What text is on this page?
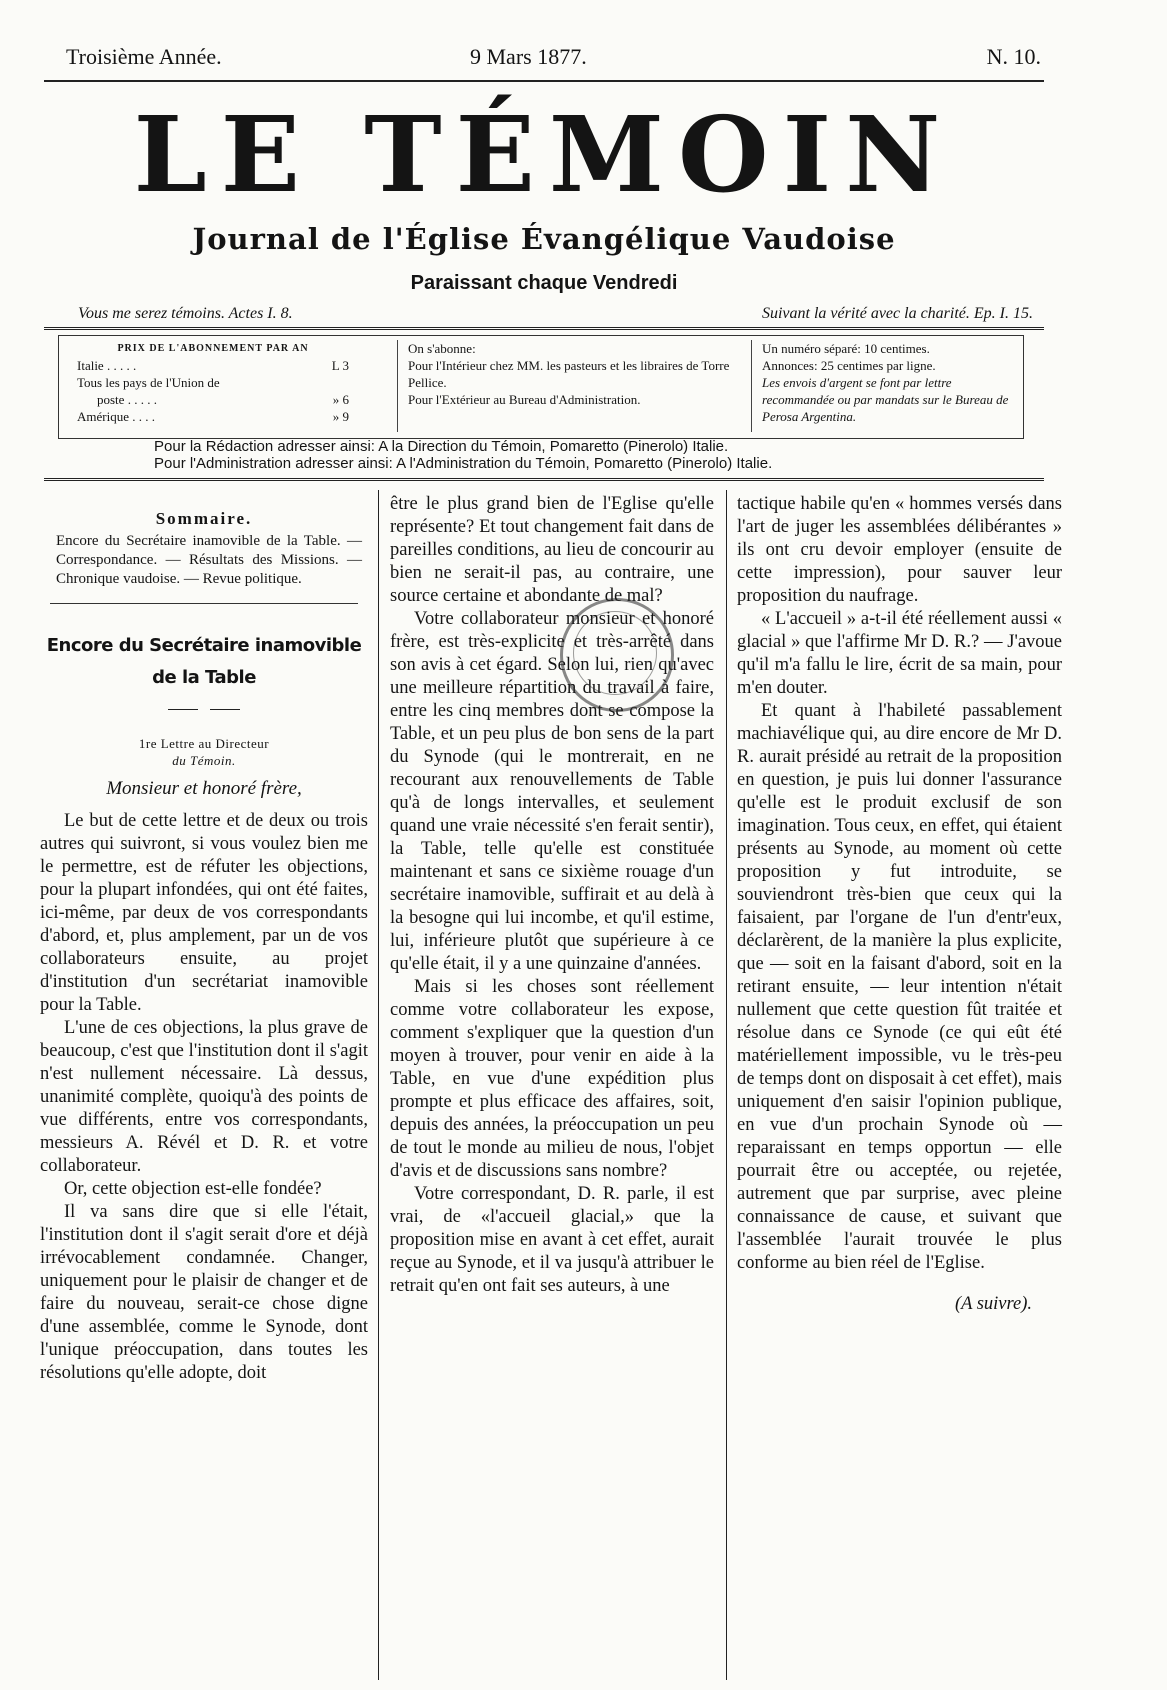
Troisième Année.	9 Mars 1877.	N. 10.
LE TÉMOIN
Journal de l'Église Évangélique Vaudoise
Paraissant chaque Vendredi
Vous me serez témoins. Actes I. 8.	Suivant la vérité avec la charité. Ep. I. 15.
PRIX DE L'ABONNEMENT PAR AN
Italie . . . . .	L 3
Tous les pays de l'Union de
poste . . . . .	» 6
Amérique . . . .	» 9
On s'abonne:
Pour l'Intérieur chez MM. les pasteurs et les libraires de Torre Pellice.
Pour l'Extérieur au Bureau d'Administration.
Un numéro séparé: 10 centimes.
Annonces: 25 centimes par ligne.
Les envois d'argent se font par lettre recommandée ou par mandats sur le Bureau de Perosa Argentina.
Pour la Rédaction adresser ainsi: A la Direction du Témoin, Pomaretto (Pinerolo) Italie.
Pour l'Administration adresser ainsi: A l'Administration du Témoin, Pomaretto (Pinerolo) Italie.
Sommaire.
Encore du Secrétaire inamovible de la Table. — Correspondance. — Résultats des Missions. — Chronique vaudoise. — Revue politique.
Encore du Secrétaire inamovible
de la Table
1re Lettre au Directeur
du Témoin.
Monsieur et honoré frère,

Le but de cette lettre et de deux ou trois autres qui suivront, si vous voulez bien me le permettre, est de réfuter les objections, pour la plupart infondées, qui ont été faites, ici-même, par deux de vos correspondants d'abord, et, plus amplement, par un de vos collaborateurs ensuite, au projet d'institution d'un secrétariat inamovible pour la Table.

L'une de ces objections, la plus grave de beaucoup, c'est que l'institution dont il s'agit n'est nullement nécessaire. Là dessus, unanimité complète, quoiqu'à des points de vue différents, entre vos correspondants, messieurs A. Révél et D. R. et votre collaborateur.

Or, cette objection est-elle fondée?

Il va sans dire que si elle l'était, l'institution dont il s'agit serait d'ore et déjà irrévocablement condamnée. Changer, uniquement pour le plaisir de changer et de faire du nouveau, serait-ce chose digne d'une assemblée, comme le Synode, dont l'unique préoccupation, dans toutes les résolutions qu'elle adopte, doit

être le plus grand bien de l'Eglise qu'elle représente? Et tout changement fait dans de pareilles conditions, au lieu de concourir au bien ne serait-il pas, au contraire, une source certaine et abondante de mal?

Votre collaborateur monsieur et honoré frère, est très-explicite et très-arrêté dans son avis à cet égard. Selon lui, rien qu'avec une meilleure répartition du travail à faire, entre les cinq membres dont se compose la Table, et un peu plus de bon sens de la part du Synode (qui le montrerait, en ne recourant aux renouvellements de Table qu'à de longs intervalles, et seulement quand une vraie nécessité s'en ferait sentir), la Table, telle qu'elle est constituée maintenant et sans ce sixième rouage d'un secrétaire inamovible, suffirait et au delà à la besogne qui lui incombe, et qu'il estime, lui, inférieure plutôt que supérieure à ce qu'elle était, il y a une quinzaine d'années.

Mais si les choses sont réellement comme votre collaborateur les expose, comment s'expliquer que la question d'un moyen à trouver, pour venir en aide à la Table, en vue d'une expédition plus prompte et plus efficace des affaires, soit, depuis des années, la préoccupation un peu de tout le monde au milieu de nous, l'objet d'avis et de discussions sans nombre?

Votre correspondant, D. R. parle, il est vrai, de «l'accueil glacial,» que la proposition mise en avant à cet effet, aurait reçue au Synode, et il va jusqu'à attribuer le retrait qu'en ont fait ses auteurs, à une

tactique habile qu'en « hommes versés dans l'art de juger les assemblées délibérantes » ils ont cru devoir employer (ensuite de cette impression), pour sauver leur proposition du naufrage.

« L'accueil » a-t-il été réellement aussi « glacial » que l'affirme Mr D. R.? — J'avoue qu'il m'a fallu le lire, écrit de sa main, pour m'en douter.

Et quant à l'habileté passablement machiavélique qui, au dire encore de Mr D. R. aurait présidé au retrait de la proposition en question, je puis lui donner l'assurance qu'elle est le produit exclusif de son imagination. Tous ceux, en effet, qui étaient présents au Synode, au moment où cette proposition y fut introduite, se souviendront très-bien que ceux qui la faisaient, par l'organe de l'un d'entr'eux, déclarèrent, de la manière la plus explicite, que — soit en la faisant d'abord, soit en la retirant ensuite, — leur intention n'était nullement que cette question fût traitée et résolue dans ce Synode (ce qui eût été matériellement impossible, vu le très-peu de temps dont on disposait à cet effet), mais uniquement d'en saisir l'opinion publique, en vue d'un prochain Synode où — reparaissant en temps opportun — elle pourrait être ou acceptée, ou rejetée, autrement que par surprise, avec pleine connaissance de cause, et suivant que l'assemblée l'aurait trouvée le plus conforme au bien réel de l'Eglise.

(A suivre).
